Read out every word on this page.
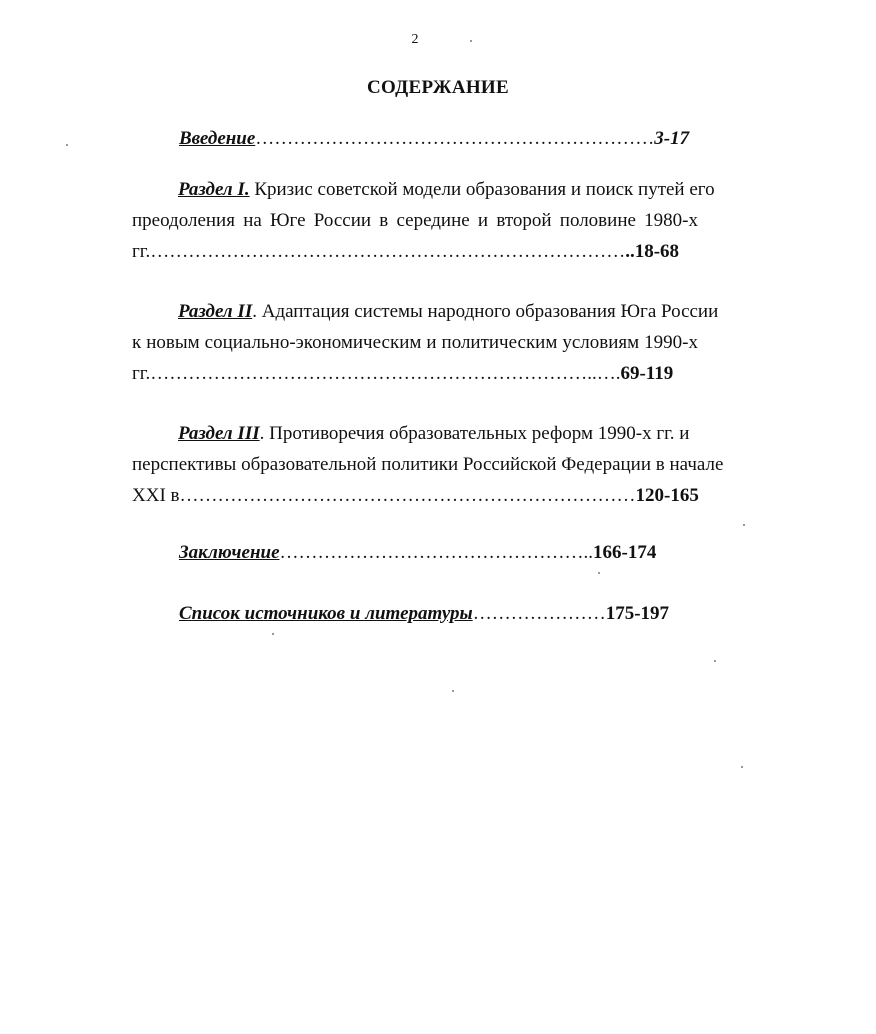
2
СОДЕРЖАНИЕ
Введение………………………………………………………3-17
Раздел I. Кризис советской модели образования и поиск путей его
преодоления на Юге России в середине и второй половине 1980-х
гг.…………………………………………………………………..18-68
Раздел II. Адаптация системы народного образования Юга России
к новым социально-экономическим и политическим условиям 1990-х
гг.……………………………………………………………..….69-119
Раздел III. Противоречия образовательных реформ 1990-х гг. и
перспективы образовательной политики Российской Федерации в начале
XXI в………………………………………………………………120-165
Заключение…………………………………………..166-174
Список источников и литературы…………………175-197
